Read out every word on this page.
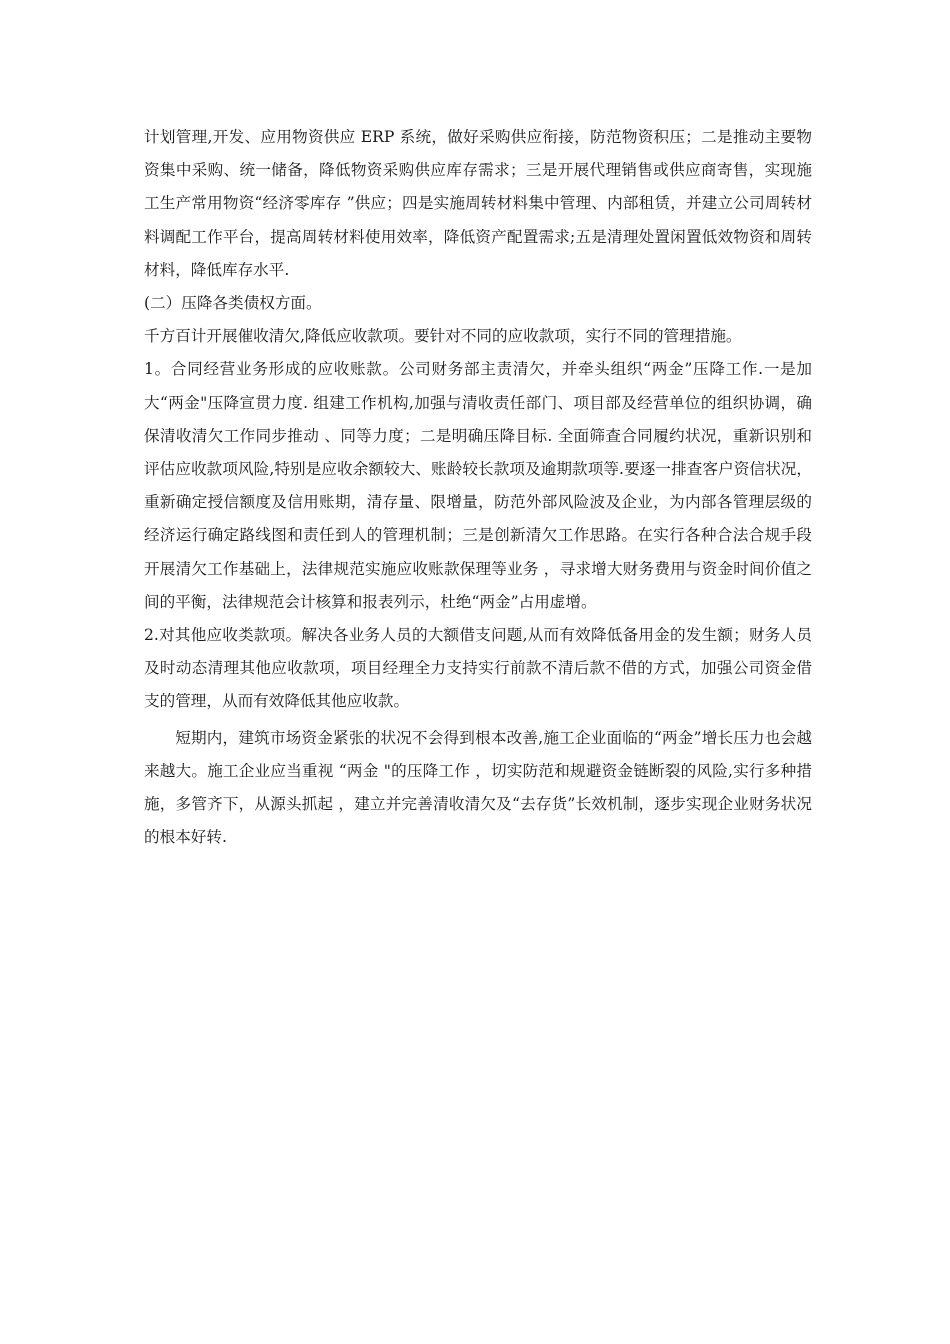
计划管理,开发、应用物资供应 ERP 系统，做好采购供应衔接，防范物资积压；二是推动主要物资集中采购、统一储备，降低物资采购供应库存需求；三是开展代理销售或供应商寄售，实现施工生产常用物资“经济零库存 ”供应；四是实施周转材料集中管理、内部租赁，并建立公司周转材料调配工作平台，提高周转材料使用效率，降低资产配置需求;五是清理处置闲置低效物资和周转材料，降低库存水平.

(二）压降各类债权方面。

千方百计开展催收清欠,降低应收款项。要针对不同的应收款项，实行不同的管理措施。

1。合同经营业务形成的应收账款。公司财务部主责清欠，并牵头组织“两金”压降工作.一是加大“两金"压降宣贯力度. 组建工作机构,加强与清收责任部门、项目部及经营单位的组织协调，确保清收清欠工作同步推动 、同等力度；二是明确压降目标. 全面筛查合同履约状况，重新识别和评估应收款项风险,特别是应收余额较大、账龄较长款项及逾期款项等.要逐一排查客户资信状况，重新确定授信额度及信用账期，清存量、限增量，防范外部风险波及企业，为内部各管理层级的经济运行确定路线图和责任到人的管理机制；三是创新清欠工作思路。在实行各种合法合规手段开展清欠工作基础上，法律规范实施应收账款保理等业务 ，寻求增大财务费用与资金时间价值之间的平衡，法律规范会计核算和报表列示，杜绝“两金”占用虚增。

2.对其他应收类款项。解决各业务人员的大额借支问题,从而有效降低备用金的发生额；财务人员及时动态清理其他应收款项，项目经理全力支持实行前款不清后款不借的方式，加强公司资金借支的管理，从而有效降低其他应收款。

短期内，建筑市场资金紧张的状况不会得到根本改善,施工企业面临的“两金”增长压力也会越来越大。施工企业应当重视 “两金 "的压降工作 ，切实防范和规避资金链断裂的风险,实行多种措施，多管齐下，从源头抓起 ，建立并完善清收清欠及“去存货”长效机制，逐步实现企业财务状况的根本好转.
